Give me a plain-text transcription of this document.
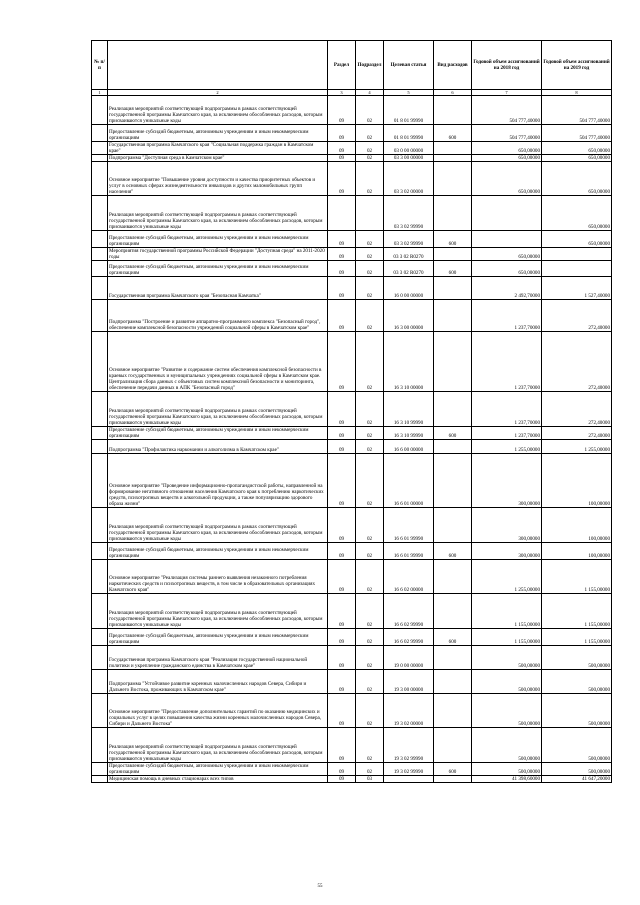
№ п/п		Раздел	Подраздел	Целевая статья	Вид расходов	Годовой объем ассигнований на 2018 год	Годовой объем ассигнований на 2019 год
1	2	3	4	5	6	7	8
	Реализация мероприятий соответствующей подпрограммы в рамках соответствующей государственной программы Камчатского края, за исключением обособленных расходов, которым присваиваются уникальные коды	09	02	01 8 01 99990		504 777,40000	504 777,40000
	Предоставление субсидий бюджетным, автономным учреждениям и иным некоммерческим организациям	09	02	01 8 01 99990	600	504 777,40000	504 777,40000
	Государственная программа Камчатского края "Социальная поддержка граждан в Камчатском крае"	09	02	03 0 00 00000		650,00000	650,00000
	Подпрограмма "Доступная среда в Камчатском крае"	09	02	03 3 00 00000		650,00000	650,00000
	Основное мероприятие "Повышение уровня доступности и качества приоритетных объектов и услуг в основных сферах жизнедеятельности инвалидов и других маломобильных групп населения"	09	02	03 3 02 00000		650,00000	650,00000
	Реализация мероприятий соответствующей подпрограммы в рамках соответствующей государственной программы Камчатского края, за исключением обособленных расходов, которым присваиваются уникальные коды			03 3 02 99990			650,00000
	Предоставление субсидий бюджетным, автономным учреждениям и иным некоммерческим организациям	09	02	03 3 02 99990	600		650,00000
	Мероприятия государственной программы Российской Федерации "Доступная среда" на 2011-2020 годы	09	02	03 3 02 R0270		650,00000	
	Предоставление субсидий бюджетным, автономным учреждениям и иным некоммерческим организациям	09	02	03 3 02 R0270	600	650,00000	
	Государственная программа Камчатского края "Безопасная Камчатка"	09	02	16 0 00 00000		2 492,70000	1 527,40000
	Подпрограмма "Построение и развитие аппаратно-программного комплекса "Безопасный город", обеспечение комплексной безопасности учреждений социальной сферы в Камчатском крае"	09	02	16 3 00 00000		1 237,70000	272,40000
	Основное мероприятие "Развитие и содержание систем обеспечения комплексной безопасности в краевых государственных и муниципальных учреждениях социальной сферы в Камчатском крае. Централизация сбора данных с объектовых систем комплексной безопасности и мониторинга, обеспечение передачи данных в АПК "Безопасный город"	09	02	16 3 10 00000		1 237,70000	272,40000
	Реализация мероприятий соответствующей подпрограммы в рамках соответствующей государственной программы Камчатского края, за исключением обособленных расходов, которым присваиваются уникальные коды	09	02	16 3 10 99990		1 237,70000	272,40000
	Предоставление субсидий бюджетным, автономным учреждениям и иным некоммерческим организациям	09	02	16 3 10 99990	600	1 237,70000	272,40000
	Подпрограмма "Профилактика наркомании и алкоголизма в Камчатском крае"	09	02	16 6 00 00000		1 255,00000	1 255,00000
	Основное мероприятие "Проведение информационно-пропагандистской работы, направленной на формирование негативного отношения населения Камчатского края к потреблению наркотических средств, психотропных веществ и алкогольной продукции, а также популяризацию здорового образа жизни"	09	02	16 6 01 00000		300,00000	100,00000
	Реализация мероприятий соответствующей подпрограммы в рамках соответствующей государственной программы Камчатского края, за исключением обособленных расходов, которым присваиваются уникальные коды	09	02	16 6 01 99990		300,00000	100,00000
	Предоставление субсидий бюджетным, автономным учреждениям и иным некоммерческим организациям	09	02	16 6 01 99990	600	300,00000	100,00000
	Основное мероприятие "Реализация системы раннего выявления незаконного потребления наркотических средств и психотропных веществ, в том числе в образовательных организациях Камчатского края"	09	02	16 6 02 00000		1 255,00000	1 155,00000
	Реализация мероприятий соответствующей подпрограммы в рамках соответствующей государственной программы Камчатского края, за исключением обособленных расходов, которым присваиваются уникальные коды	09	02	16 6 02 99990		1 155,00000	1 155,00000
	Предоставление субсидий бюджетным, автономным учреждениям и иным некоммерческим организациям	09	02	16 6 02 99990	600	1 155,00000	1 155,00000
	Государственная программа Камчатского края "Реализация государственной национальной политики и укрепление гражданского единства в Камчатском крае"	09	02	19 0 00 00000		500,00000	500,00000
	Подпрограмма "Устойчивое развитие коренных малочисленных народов Севера, Сибири и Дальнего Востока, проживающих в Камчатском крае"	09	02	19 3 00 00000		500,00000	500,00000
	Основное мероприятие "Предоставление дополнительных гарантий по оказанию медицинских и социальных услуг в целях повышения качества жизни коренных малочисленных народов Севера, Сибири и Дальнего Востока"	09	02	19 3 02 00000		500,00000	500,00000
	Реализация мероприятий соответствующей подпрограммы в рамках соответствующей государственной программы Камчатского края, за исключением обособленных расходов, которым присваиваются уникальные коды	09	02	19 3 02 99990		500,00000	500,00000
	Предоставление субсидий бюджетным, автономным учреждениям и иным некоммерческим организациям	09	02	19 3 02 99990	600	500,00000	500,00000
	Медицинская помощь в дневных стационарах всех типов	09	03			41 398,60000	41 647,20000
55
